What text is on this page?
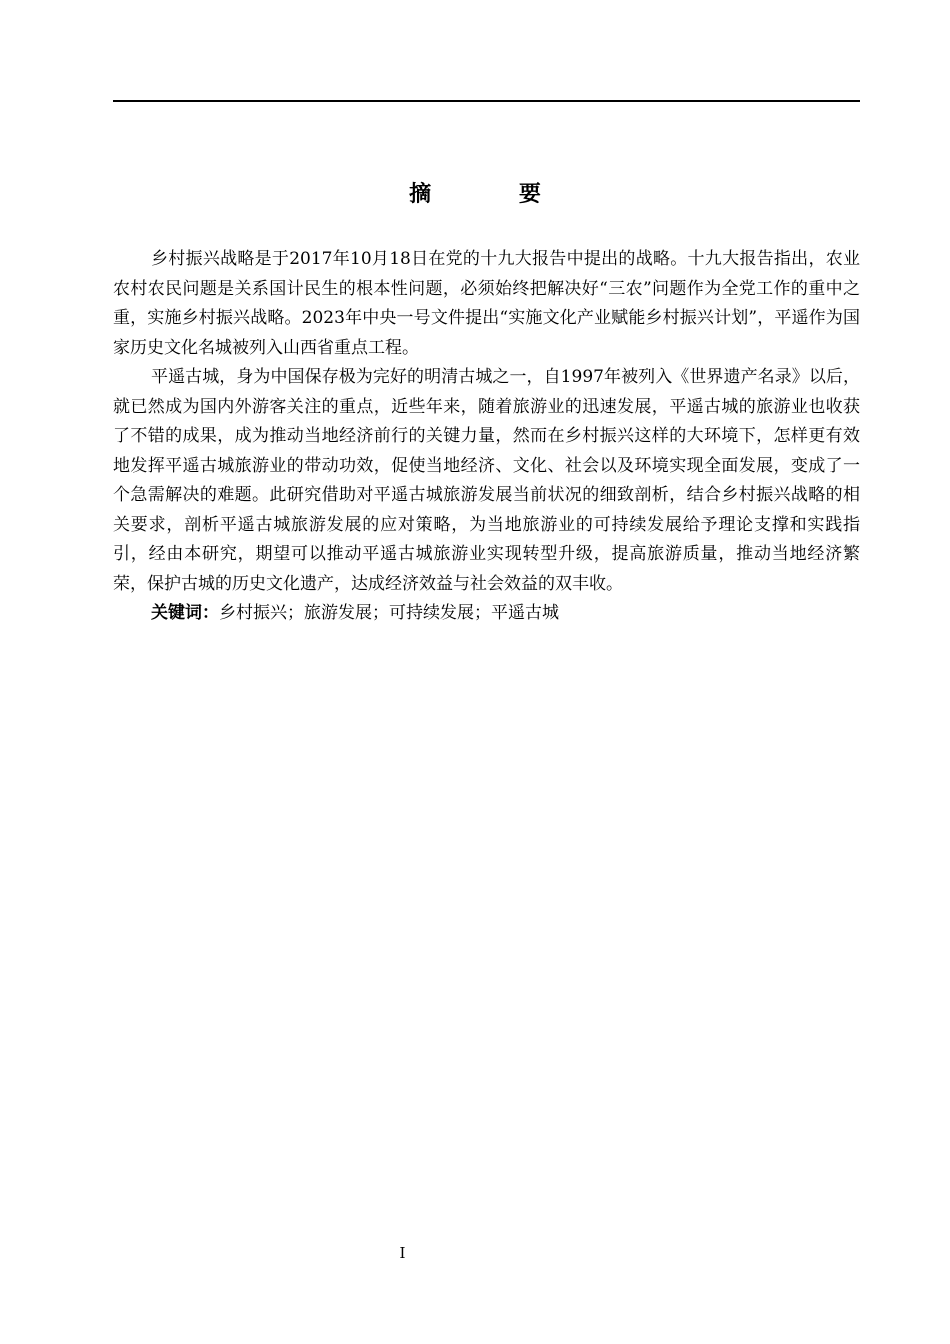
摘 要

乡村振兴战略是于2017年10月18日在党的十九大报告中提出的战略。十九大报告指出，农业农村农民问题是关系国计民生的根本性问题，必须始终把解决好“三农”问题作为全党工作的重中之重，实施乡村振兴战略。2023年中央一号文件提出“实施文化产业赋能乡村振兴计划”，平遥作为国家历史文化名城被列入山西省重点工程。

平遥古城，身为中国保存极为完好的明清古城之一，自1997年被列入《世界遗产名录》以后，就已然成为国内外游客关注的重点，近些年来，随着旅游业的迅速发展，平遥古城的旅游业也收获了不错的成果，成为推动当地经济前行的关键力量，然而在乡村振兴这样的大环境下，怎样更有效地发挥平遥古城旅游业的带动功效，促使当地经济、文化、社会以及环境实现全面发展，变成了一个急需解决的难题。此研究借助对平遥古城旅游发展当前状况的细致剖析，结合乡村振兴战略的相关要求，剖析平遥古城旅游发展的应对策略，为当地旅游业的可持续发展给予理论支撑和实践指引，经由本研究，期望可以推动平遥古城旅游业实现转型升级，提高旅游质量，推动当地经济繁荣，保护古城的历史文化遗产，达成经济效益与社会效益的双丰收。

关键词：乡村振兴；旅游发展；可持续发展；平遥古城

I
